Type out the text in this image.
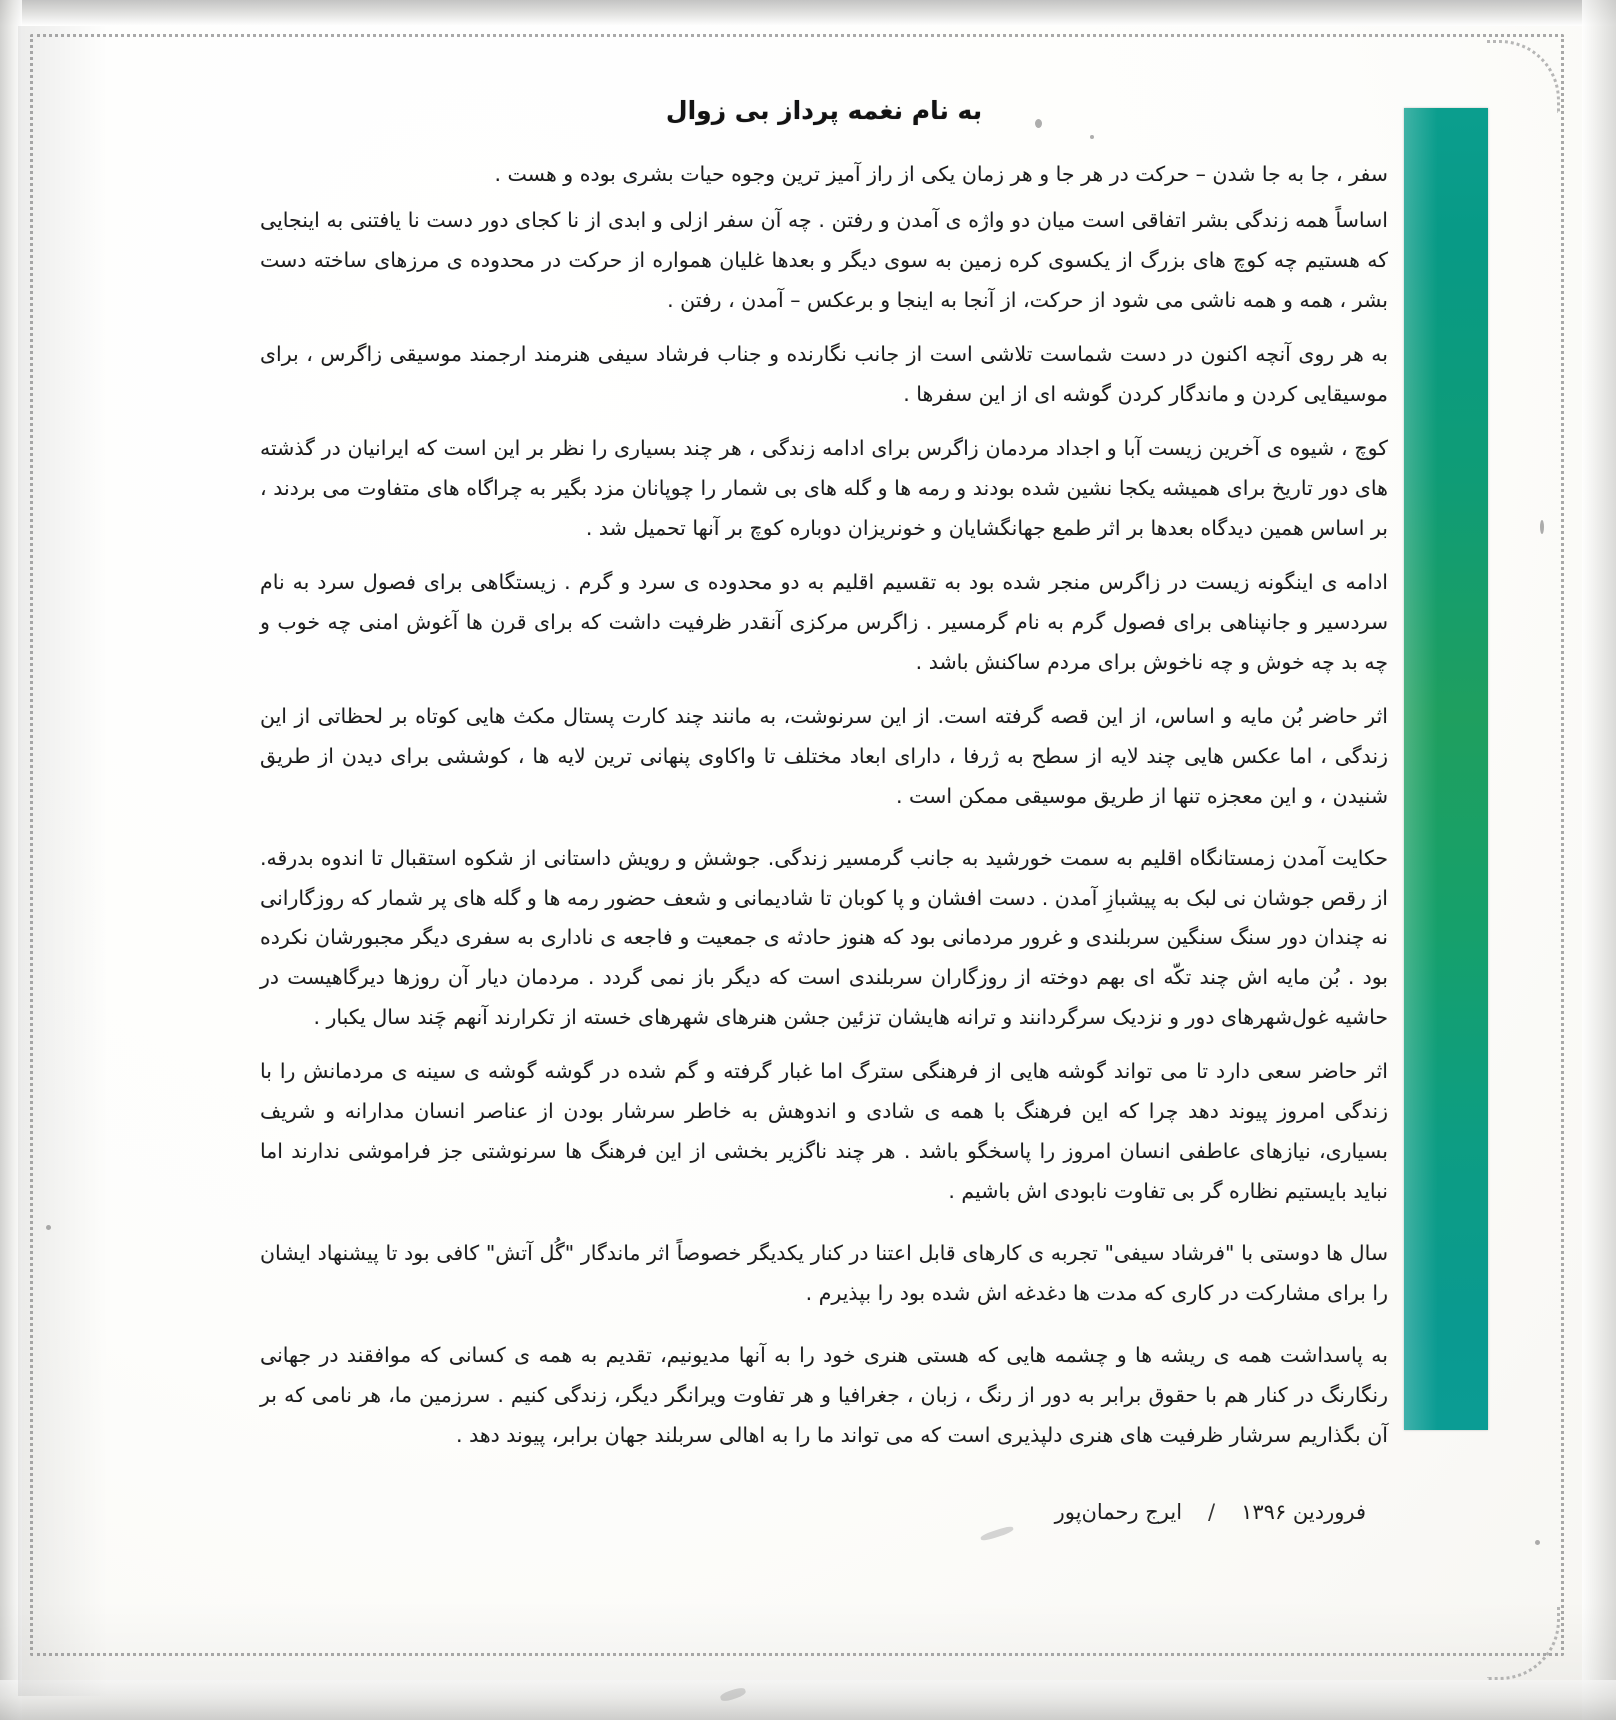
به نام نغمه پرداز بی زوال

سفر ، جا به جا شدن – حرکت در هر جا و هر زمان یکی از راز آمیز ترین وجوه حیات بشری بوده و هست .

اساساً همه زندگی بشر اتفاقی است میان دو واژه ی آمدن و رفتن . چه آن سفر ازلی و ابدی از نا کجای دور دست نا یافتنی به اینجایی که هستیم چه کوچ های بزرگ از یکسوی کره زمین به سوی دیگر و بعدها غلیان همواره از حرکت در محدوده ی مرزهای ساخته دست بشر ، همه و همه ناشی می شود از حرکت، از آنجا به اینجا و برعکس – آمدن ، رفتن .

به هر روی آنچه اکنون در دست شماست تلاشی است از جانب نگارنده و جناب فرشاد سیفی هنرمند ارجمند موسیقی زاگرس ، برای موسیقایی کردن و ماندگار کردن گوشه ای از این سفرها .

کوچ ، شیوه ی آخرین زیست آبا و اجداد مردمان زاگرس برای ادامه زندگی ، هر چند بسیاری را نظر بر این است که ایرانیان در گذشته های دور تاریخ برای همیشه یکجا نشین شده بودند و رمه ها و گله های بی شمار را چوپانان مزد بگیر به چراگاه های متفاوت می بردند ، بر اساس همین دیدگاه بعدها بر اثر طمع جهانگشایان و خونریزان دوباره کوچ بر آنها تحمیل شد .

ادامه ی اینگونه زیست در زاگرس منجر شده بود به تقسیم اقلیم به دو محدوده ی سرد و گرم . زیستگاهی برای فصول سرد به نام سردسیر و جانپناهی برای فصول گرم به نام گرمسیر . زاگرس مرکزی آنقدر ظرفیت داشت که برای قرن ها آغوش امنی چه خوب و چه بد چه خوش و چه ناخوش برای مردم ساکنش باشد .

اثر حاضر بُن مایه و اساس، از این قصه گرفته است. از این سرنوشت، به مانند چند کارت پستال مکث هایی کوتاه بر لحظاتی از این زندگی ، اما عکس هایی چند لایه از سطح به ژرفا ، دارای ابعاد مختلف تا واکاوی پنهانی ترین لایه ها ، کوششی برای دیدن از طریق شنیدن ، و این معجزه تنها از طریق موسیقی ممکن است .

حکایت آمدن زمستانگاه اقلیم به سمت خورشید به جانب گرمسیر زندگی. جوشش و رویش داستانی از شکوه استقبال تا اندوه بدرقه. از رقص جوشان نی لبک به پیشبازِ آمدن . دست افشان و پا کوبان تا شادیمانی و شعف حضور رمه ها و گله های پر شمار که روزگارانی نه چندان دور سنگ سنگین سربلندی و غرور مردمانی بود که هنوز حادثه ی جمعیت و فاجعه ی ناداری به سفری دیگر مجبورشان نکرده بود . بُن مایه اش چند تکّه ای بهم دوخته از روزگاران سربلندی است که دیگر باز نمی گردد . مردمان دیار آن روزها دیرگاهیست در حاشیه غول‌شهرهای دور و نزدیک سرگردانند و ترانه هایشان تزئین جشن هنرهای شهرهای خسته از تکرارند آنهم چَند سال یکبار .

اثر حاضر سعی دارد تا می تواند گوشه هایی از فرهنگی سترگ اما غبار گرفته و گم شده در گوشه گوشه ی سینه ی مردمانش را با زندگی امروز پیوند دهد چرا که این فرهنگ با همه ی شادی و اندوهش به خاطر سرشار بودن از عناصر انسان مدارانه و شریف بسیاری، نیازهای عاطفی انسان امروز را پاسخگو باشد . هر چند ناگزیر بخشی از این فرهنگ ها سرنوشتی جز فراموشی ندارند اما نباید بایستیم نظاره گر بی تفاوت نابودی اش باشیم .

سال ها دوستی با "فرشاد سیفی" تجربه ی کارهای قابل اعتنا در کنار یکدیگر خصوصاً اثر ماندگار "گُل آتش" کافی بود تا پیشنهاد ایشان را برای مشارکت در کاری که مدت ها دغدغه اش شده بود را بپذیرم .

به پاسداشت همه ی ریشه ها و چشمه هایی که هستی هنری خود را به آنها مدیونیم، تقدیم به همه ی کسانی که موافقند در جهانی رنگارنگ در کنار هم با حقوق برابر به دور از رنگ ، زبان ، جغرافیا و هر تفاوت ویرانگر دیگر، زندگی کنیم . سرزمین ما، هر نامی که بر آن بگذاریم سرشار ظرفیت های هنری دلپذیری است که می تواند ما را به اهالی سربلند جهان برابر، پیوند دهد .

فروردین ۱۳۹۶
/
ایرج رحمان‌پور
